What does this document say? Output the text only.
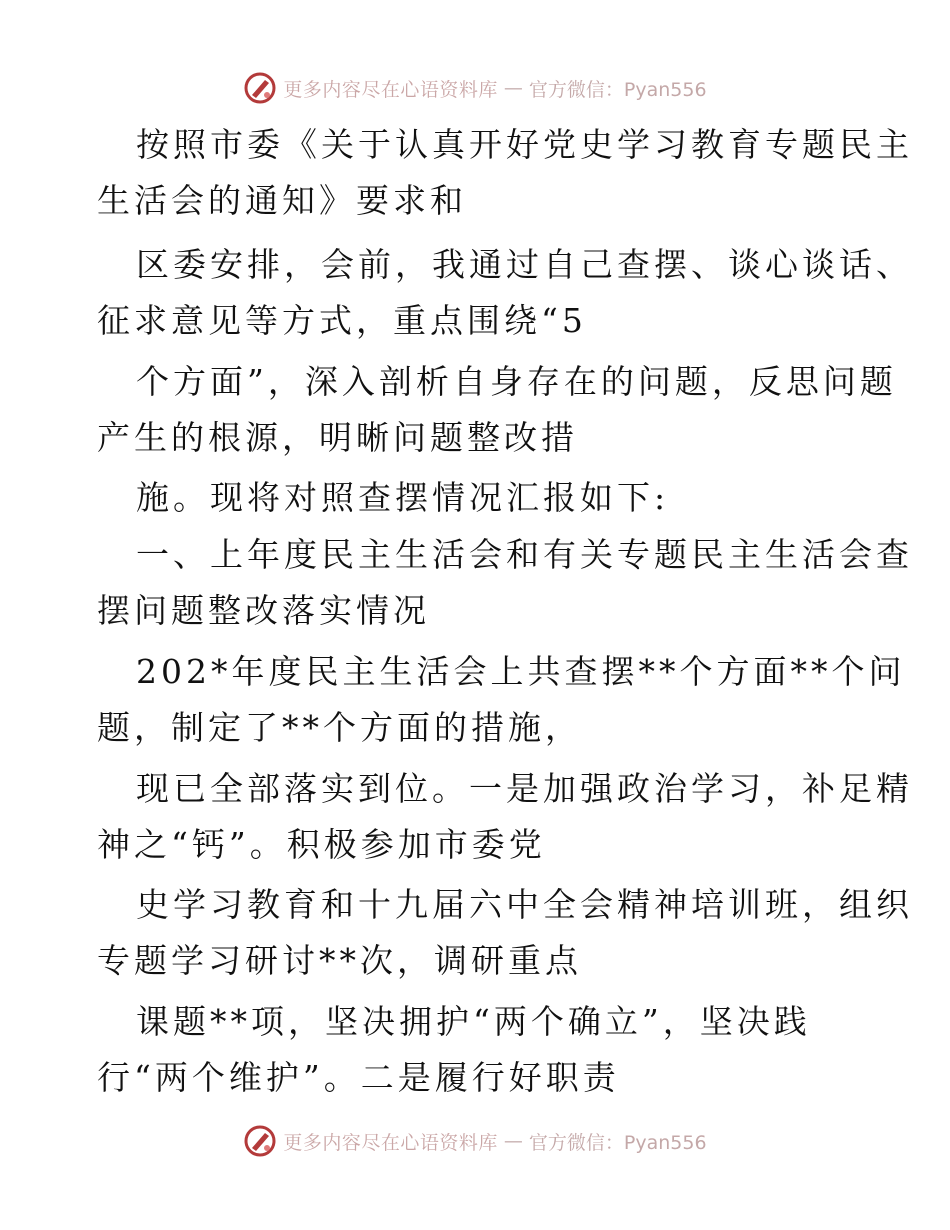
更多内容尽在心语资料库 — 官方微信：Pyan556
按照市委《关于认真开好党史学习教育专题民主
生活会的通知》要求和
区委安排，会前，我通过自己查摆、谈心谈话、
征求意见等方式，重点围绕“5
个方面”，深入剖析自身存在的问题，反思问题
产生的根源，明晰问题整改措
施。现将对照查摆情况汇报如下:
一、上年度民主生活会和有关专题民主生活会查
摆问题整改落实情况
202*年度民主生活会上共查摆**个方面**个问
题，制定了**个方面的措施，
现已全部落实到位。一是加强政治学习，补足精
神之“钙”。积极参加市委党
史学习教育和十九届六中全会精神培训班，组织
专题学习研讨**次，调研重点
课题**项，坚决拥护“两个确立”，坚决践
行“两个维护”。二是履行好职责
更多内容尽在心语资料库 — 官方微信：Pyan556
